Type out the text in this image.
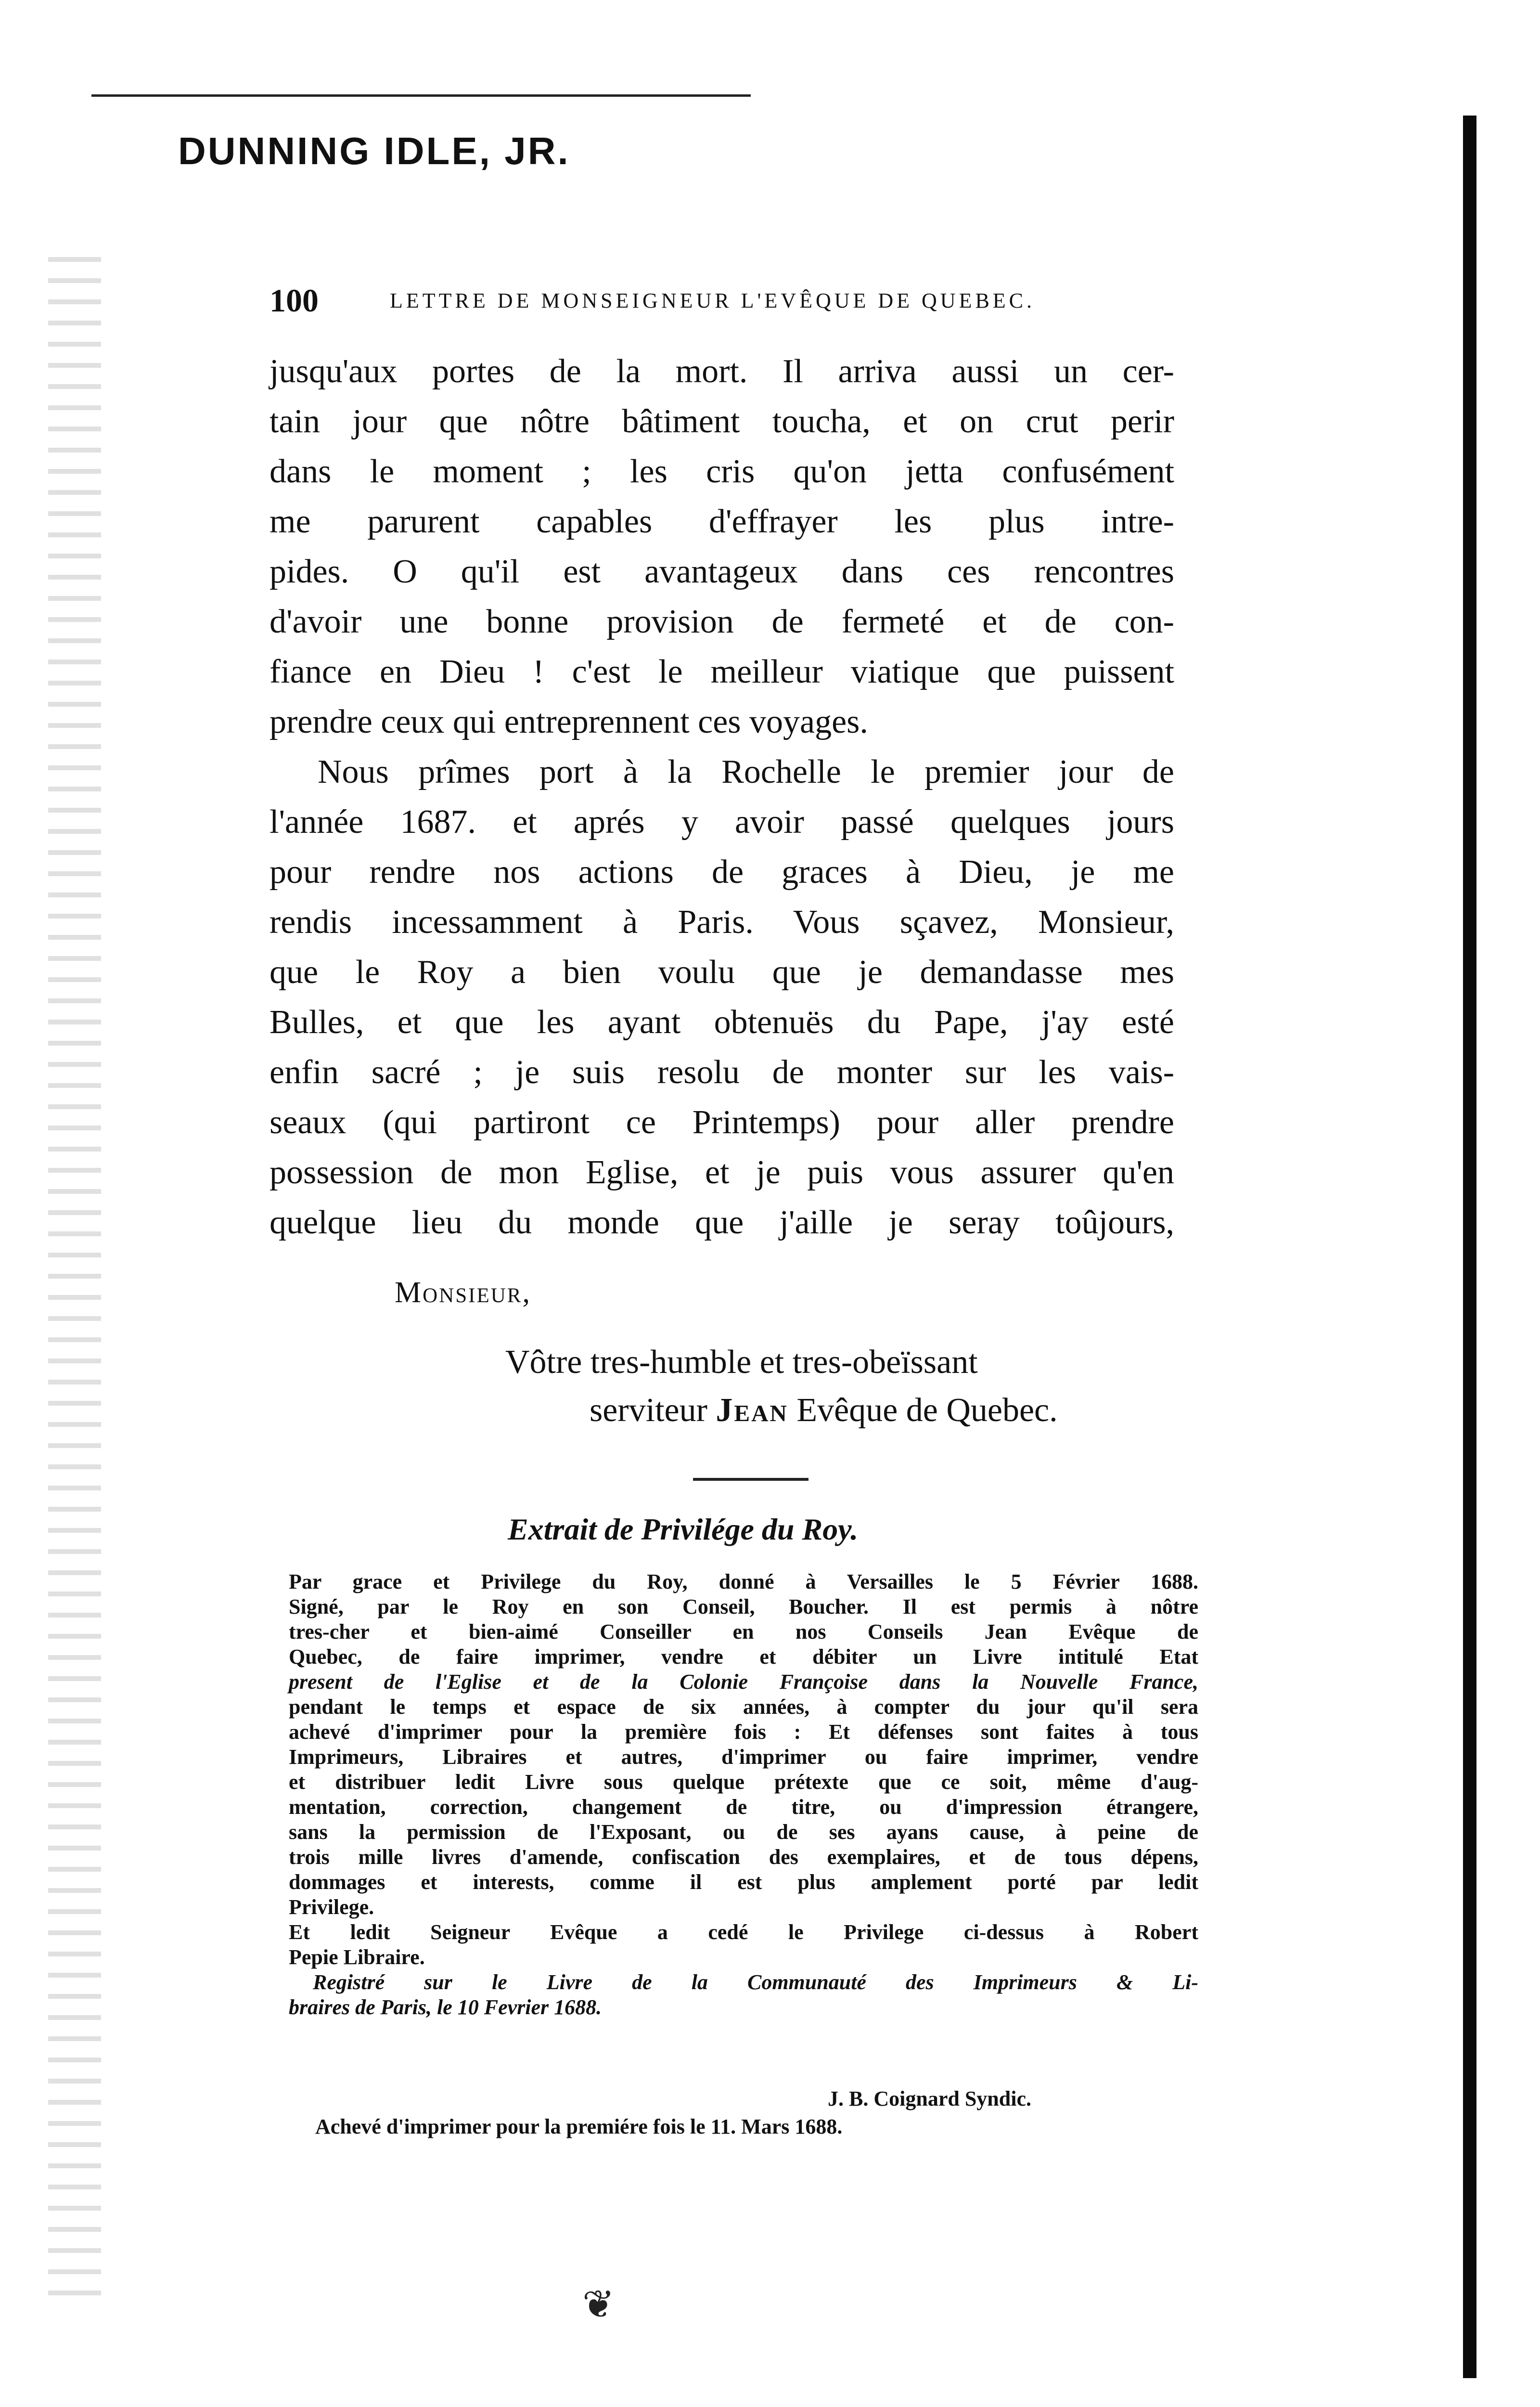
DUNNING IDLE, JR.
100	LETTRE DE MONSEIGNEUR L'EVÊQUE DE QUEBEC.

jusqu'aux portes de la mort. Il arriva aussi un cer-
tain jour que nôtre bâtiment toucha, et on crut perir
dans le moment ; les cris qu'on jetta confusément
me parurent capables d'effrayer les plus intre-
pides. O qu'il est avantageux dans ces rencontres
d'avoir une bonne provision de fermeté et de con-
fiance en Dieu ! c'est le meilleur viatique que puissent
prendre ceux qui entreprennent ces voyages.

Nous prîmes port à la Rochelle le premier jour de
l'année 1687. et aprés y avoir passé quelques jours
pour rendre nos actions de graces à Dieu, je me
rendis incessamment à Paris. Vous sçavez, Monsieur,
que le Roy a bien voulu que je demandasse mes
Bulles, et que les ayant obtenuës du Pape, j'ay esté
enfin sacré ; je suis resolu de monter sur les vais-
seaux (qui partiront ce Printemps) pour aller prendre
possession de mon Eglise, et je puis vous assurer qu'en
quelque lieu du monde que j'aille je seray toûjours,

Monsieur,
Vôtre tres-humble et tres-obeïssant
serviteur Jean Evêque de Quebec.
Extrait de Privilége du Roy.
Par grace et Privilege du Roy, donné à Versailles le 5 Février 1688.
Signé, par le Roy en son Conseil, Boucher. Il est permis à nôtre
tres-cher et bien-aimé Conseiller en nos Conseils Jean Evêque de
Quebec, de faire imprimer, vendre et débiter un Livre intitulé Etat
present de l'Eglise et de la Colonie Françoise dans la Nouvelle France,
pendant le temps et espace de six années, à compter du jour qu'il sera
achevé d'imprimer pour la première fois : Et défenses sont faites à tous
Imprimeurs, Libraires et autres, d'imprimer ou faire imprimer, vendre
et distribuer ledit Livre sous quelque prétexte que ce soit, même d'aug-
mentation, correction, changement de titre, ou d'impression étrangere,
sans la permission de l'Exposant, ou de ses ayans cause, à peine de
trois mille livres d'amende, confiscation des exemplaires, et de tous dépens,
dommages et interests, comme il est plus amplement porté par ledit
Privilege.
Et ledit Seigneur Evêque a cedé le Privilege ci-dessus à Robert
Pepie Libraire.
Registré sur le Livre de la Communauté des Imprimeurs & Li-
braires de Paris, le 10 Fevrier 1688.
J. B. Coignard Syndic.
Achevé d'imprimer pour la premiére fois le 11. Mars 1688.
❦
